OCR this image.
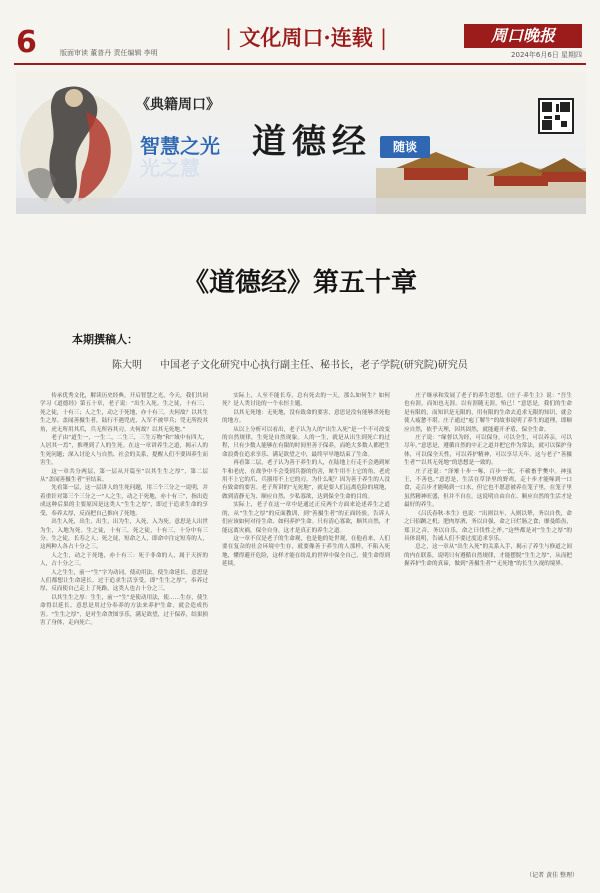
6	版面审读 董普丹 责任编辑 李明
| 文化周口·连载 |	周口晚报
2024年6月6日 星期四
《典籍周口》
智慧之光
光之慧
道德经	随谈
《道德经》第五十章
本期撰稿人：
陈大明 中国老子文化研究中心执行副主任、秘书长，老子学院(研究院)研究员

传承优秀文化，解读历史经典。开启智慧之光，今天，我们共同学习《道德经》第五十章，老子说：“出生入死。生之徒，十有三；死之徒，十有三；人之生，动之于死地，亦十有三。夫何故？以其生生之厚。盖闻善摄生者，陆行不遇兕虎，入军不被甲兵；兕无所投其角，虎无所用其爪，兵无所容其刃。夫何故？以其无死地。”

老子由“道生一，一生二，二生三，三生万物”和“域中有四大，人居其一焉”，推理到了人的生死。在这一章讲养生之道，揭示人的生死问题；深入讨论人与自然、社会的关系，提醒人们不要因养生而害生。

这一章共分两层，第一层从开篇至“以其生生之厚”，第二层从“盖闻善摄生者”至结束。

先看第一层，这一层讲人的生死问题，用三个三分之一说明，并着重针对第三个三分之一“人之生，动之于死地，亦十有三”，指出造成这种后果的主要原因是这类人“生生之厚”，即过于追求生命的享受，奉养太厚，反而把自己推向了死地。

出生入死，出生，出生，出为生，入死，入为死。意思是人出世为生，入地为死。生之徒，十有三，死之徒，十有三，十分中有三分。生之徒，长寿之人；死之徒，短命之人，即命中注定短寿的人，这两种人各占十分之三。

人之生，动之于死地，亦十有三：死于非命的人，属于天折的人，占十分之三。

人之生生，前一“生”字为动词，使动用法，使生命延长。意思是人们都想让生命延长、过于追求生活享受，即“生生之厚”，奉养过厚，反而使自己走上了死路，这类人也占十分之三。

以其生生之厚：生生，前一“生”是使动用法，使……生存，使生命得以延长。意思是用过分奉养的方法来养护生命，就会造成伤害。“生生之厚”，是对生命贪图享乐，满足欲望，过于保养，结果损害了身体，走向死亡。

实际上，人至不能长寿，总有死去的一天，那么如何生？如何死？是人类讨论的一个永恒主题。

以其无死地：无死地，没有致命的要害，意思是没有能够杀死他的地方。

从以上分析可以看出，老子认为人的“出生入死”是一个不可改变的自然规律，生死是自然现象。人的一生，就是从出生到死亡的过程，只有少数人能够在有限的时间里善于保养，而绝大多数人都把生命浪费在追求享乐、满足欲望之中，最终早早地结束了生命。

再看第二层，老子认为善于养生的人，在陆地上行走不会遇到犀牛和老虎，在战争中不会受到兵器的伤害，犀牛用不上它的角，老虎用不上它的爪，兵器用不上它的刃。为什么呢？因为善于养生的人没有致命的要害。老子所讲的“无死地”，就是要人们远离危险的境地，做到清静无为、顺应自然、少私寡欲，达到保全生命的目的。

实际上，老子在这一章中是通过正反两个方面来论述养生之道的，从“生生之厚”的反面教训，到“善摄生者”的正面经验，告诉人们应该如何对待生命、如何养护生命。只有清心寡欲，顺其自然，才能远离灾祸，保全自身，这才是真正的养生之道。

这一章不仅是老子的生命观，也是他的处世观，在他看来，人们要在复杂的社会环境中生存，就要像善于养生的人那样，不陷入死地，懂得避开危险，这样才能在纷乱的世界中保全自己，使生命得到延续。

庄子继承和发展了老子的养生思想，《庄子·养生主》说：“吾生也有涯，而知也无涯。以有涯随无涯，殆已！”意思是，我们的生命是有限的，而知识是无限的，用有限的生命去追求无限的知识，就会使人疲惫不堪。庄子通过“庖丁解牛”的故事说明了养生的道理，即顺应自然，依乎天理，因其固然，就能避开矛盾，保全生命。

庄子说：“缘督以为经，可以保身，可以全生，可以养亲，可以尽年。”意思是，遵循自然的中正之道并把它作为常法，就可以保护身体，可以保全天性，可以养护精神，可以享尽天年。这与老子“善摄生者”“以其无死地”的思想是一致的。

庄子还说：“泽雉十步一啄，百步一饮，不蕲畜乎樊中。神虽王，不善也。”意思是，生活在草泽里的野鸡，走十步才能啄到一口食，走百步才能喝到一口水，但它也不愿意被养在笼子里，在笼子里虽然精神旺盛，但并不自在。这说明自由自在、顺应自然的生活才是最好的养生。

《吕氏春秋·本生》也说：“出则以车，入则以辇，务以自佚，命之曰招蹶之机；肥肉厚酒，务以自强，命之曰烂肠之食；靡曼皓齿，郑卫之音，务以自乐，命之曰伐性之斧。”这些都是对“生生之厚”的具体说明，告诫人们不要过度追求享乐。

总之，这一章从“出生入死”的关系入手，揭示了养生与修道之间的内在联系，说明只有遵循自然规律，才能摆脱“生生之厚”，从而把握养护生命的真谛，做到“善摄生者”“无死地”的长生久视的境界。

（记者 黄佳 整理）
